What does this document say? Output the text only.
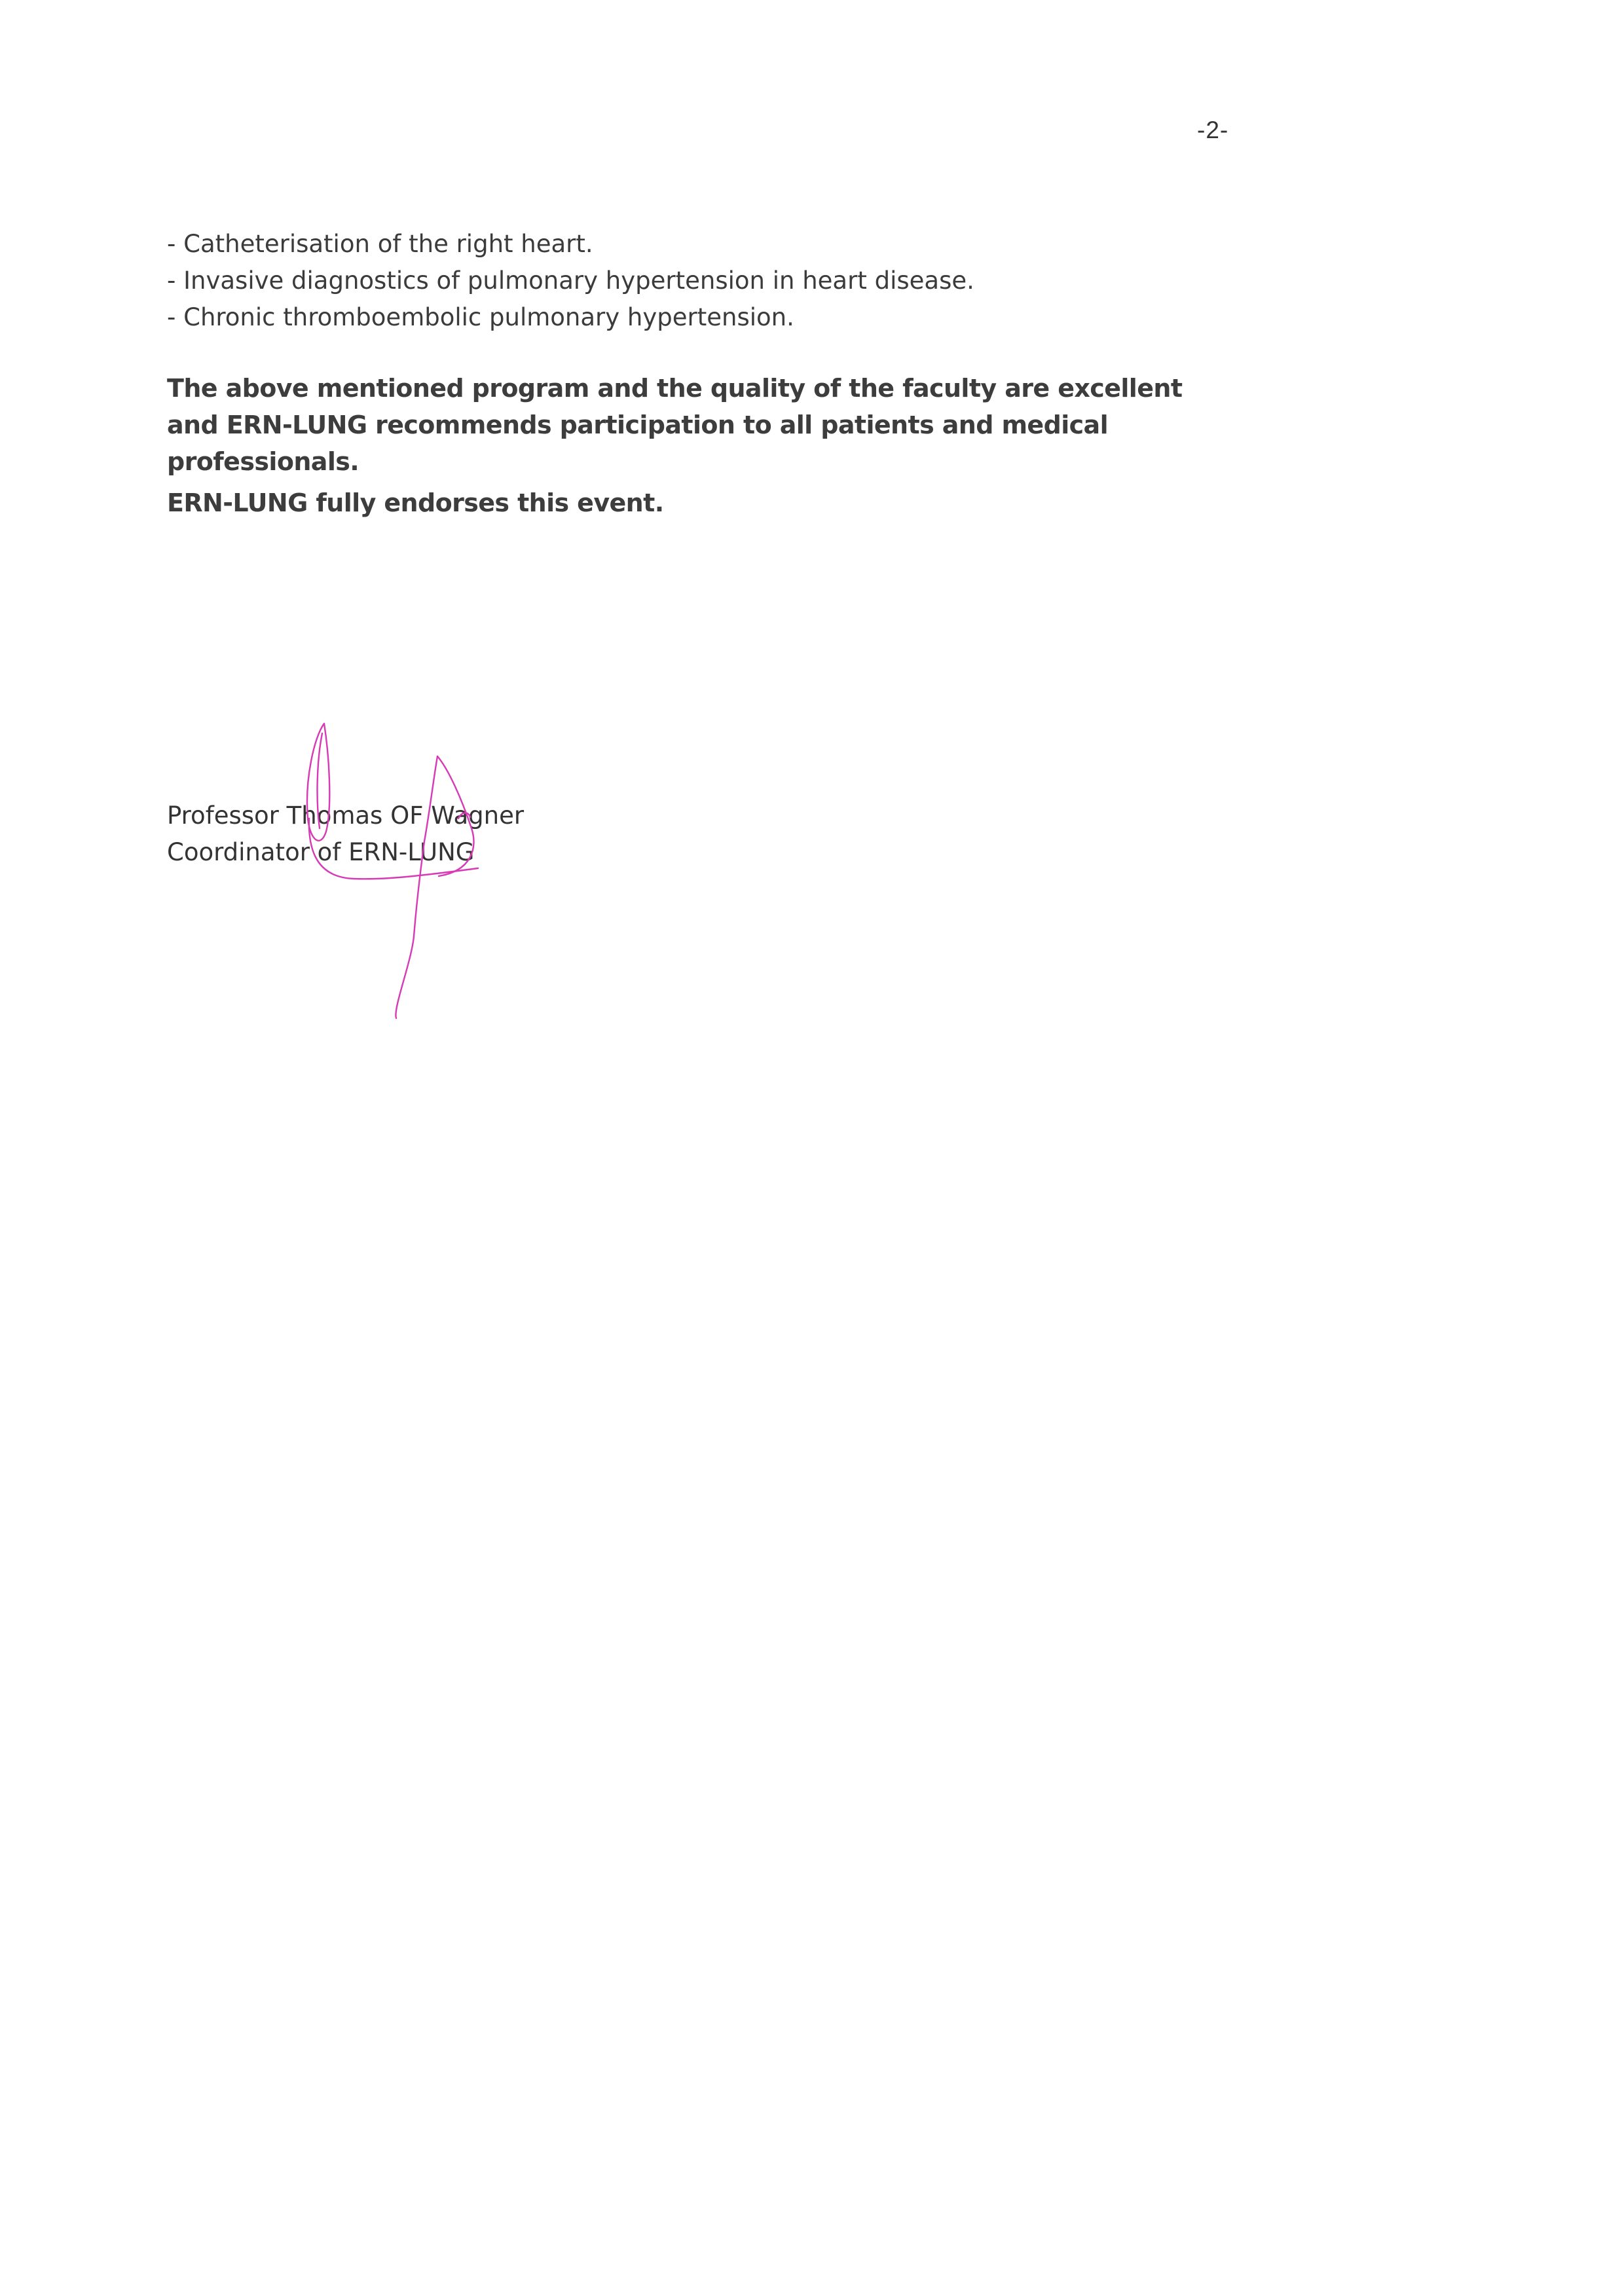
-2-
- Catheterisation of the right heart.
- Invasive diagnostics of pulmonary hypertension in heart disease.
- Chronic thromboembolic pulmonary hypertension.

The above mentioned program and the quality of the faculty are excellent and ERN-LUNG recommends participation to all patients and medical professionals.

ERN-LUNG fully endorses this event.

Professor Thomas OF Wagner
Coordinator of ERN-LUNG
